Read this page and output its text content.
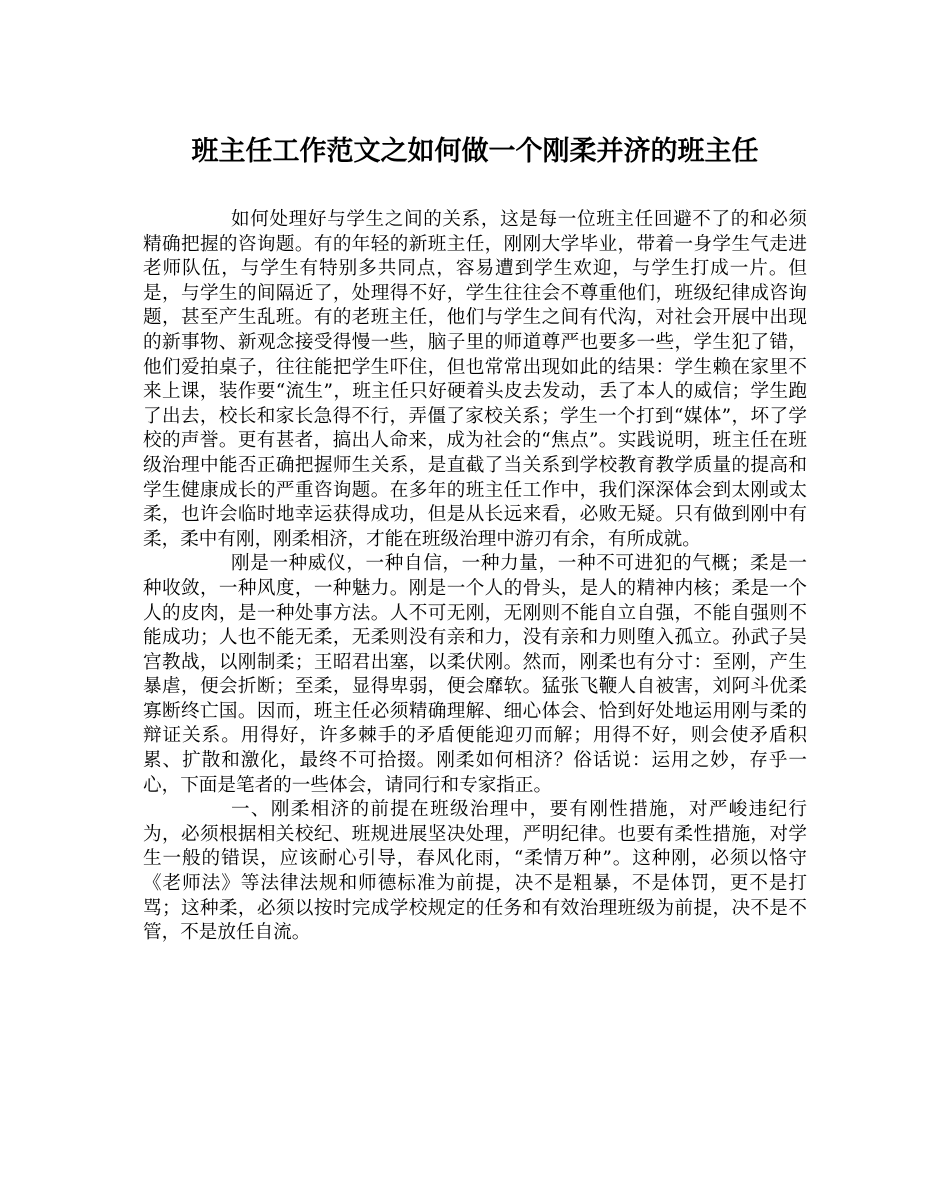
班主任工作范文之如何做一个刚柔并济的班主任

如何处理好与学生之间的关系，这是每一位班主任回避不了的和必须精确把握的咨询题。有的年轻的新班主任，刚刚大学毕业，带着一身学生气走进老师队伍，与学生有特别多共同点，容易遭到学生欢迎，与学生打成一片。但是，与学生的间隔近了，处理得不好，学生往往会不尊重他们，班级纪律成咨询题，甚至产生乱班。有的老班主任，他们与学生之间有代沟，对社会开展中出现的新事物、新观念接受得慢一些，脑子里的师道尊严也要多一些，学生犯了错，他们爱拍桌子，往往能把学生吓住，但也常常出现如此的结果：学生赖在家里不来上课，装作要“流生”，班主任只好硬着头皮去发动，丢了本人的威信；学生跑了出去，校长和家长急得不行，弄僵了家校关系；学生一个打到“媒体”，坏了学校的声誉。更有甚者，搞出人命来，成为社会的“焦点”。实践说明，班主任在班级治理中能否正确把握师生关系，是直截了当关系到学校教育教学质量的提高和学生健康成长的严重咨询题。在多年的班主任工作中，我们深深体会到太刚或太柔，也许会临时地幸运获得成功，但是从长远来看，必败无疑。只有做到刚中有柔，柔中有刚，刚柔相济，才能在班级治理中游刃有余，有所成就。

刚是一种威仪，一种自信，一种力量，一种不可进犯的气概；柔是一种收敛，一种风度，一种魅力。刚是一个人的骨头，是人的精神内核；柔是一个人的皮肉，是一种处事方法。人不可无刚，无刚则不能自立自强，不能自强则不能成功；人也不能无柔，无柔则没有亲和力，没有亲和力则堕入孤立。孙武子吴宫教战，以刚制柔；王昭君出塞，以柔伏刚。然而，刚柔也有分寸：至刚，产生暴虐，便会折断；至柔，显得卑弱，便会靡软。猛张飞鞭人自被害，刘阿斗优柔寡断终亡国。因而，班主任必须精确理解、细心体会、恰到好处地运用刚与柔的辩证关系。用得好，许多棘手的矛盾便能迎刃而解；用得不好，则会使矛盾积累、扩散和激化，最终不可拾掇。刚柔如何相济？俗话说：运用之妙，存乎一心，下面是笔者的一些体会，请同行和专家指正。

一、刚柔相济的前提在班级治理中，要有刚性措施，对严峻违纪行为，必须根据相关校纪、班规进展坚决处理，严明纪律。也要有柔性措施，对学生一般的错误，应该耐心引导，春风化雨，“柔情万种”。这种刚，必须以恪守《老师法》等法律法规和师德标准为前提，决不是粗暴，不是体罚，更不是打骂；这种柔，必须以按时完成学校规定的任务和有效治理班级为前提，决不是不管，不是放任自流。
